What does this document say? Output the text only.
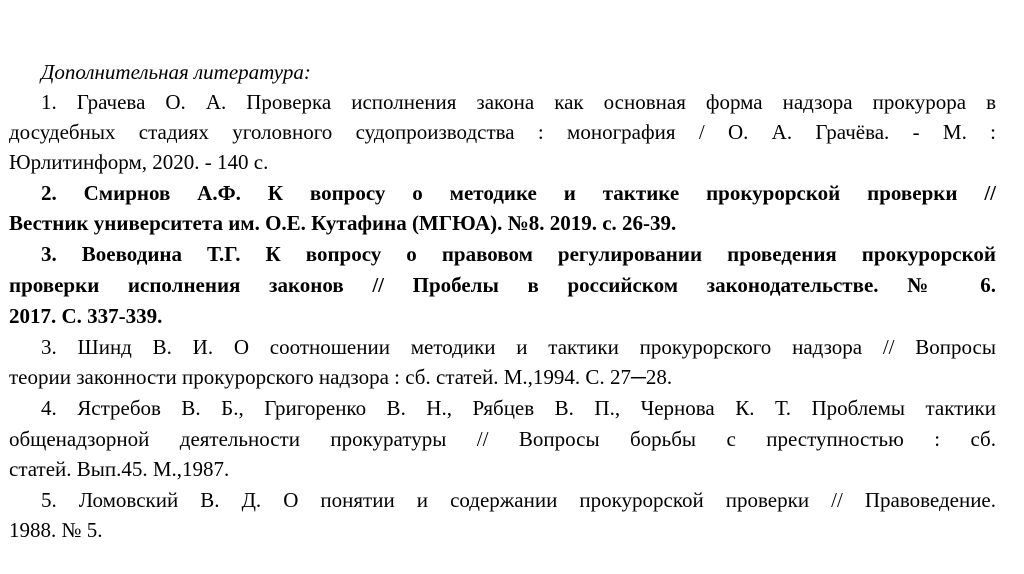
Дополнительная литература:
1. Грачева О. А. Проверка исполнения закона как основная форма надзора прокурора в
досудебных стадиях уголовного судопроизводства : монография / О. А. Грачёва. - М. :
Юрлитинформ, 2020. - 140 с.
2. Смирнов А.Ф. К вопросу о методике и тактике прокурорской проверки //
Вестник университета им. О.Е. Кутафина (МГЮА). №8. 2019. с. 26-39.
3. Воеводина Т.Г. К вопросу о правовом регулировании проведения прокурорской
проверки исполнения законов // Пробелы в российском законодательстве. № 6.
2017. С. 337-339.
3. Шинд В. И. О соотношении методики и тактики прокурорского надзора // Вопросы
теории законности прокурорского надзора : сб. статей. М.,1994. С. 27─28.
4. Ястребов В. Б., Григоренко В. Н., Рябцев В. П., Чернова К. Т. Проблемы тактики
общенадзорной деятельности прокуратуры // Вопросы борьбы с преступностью : сб.
статей. Вып.45. М.,1987.
5. Ломовский В. Д. О понятии и содержании прокурорской проверки // Правоведение.
1988. № 5.
